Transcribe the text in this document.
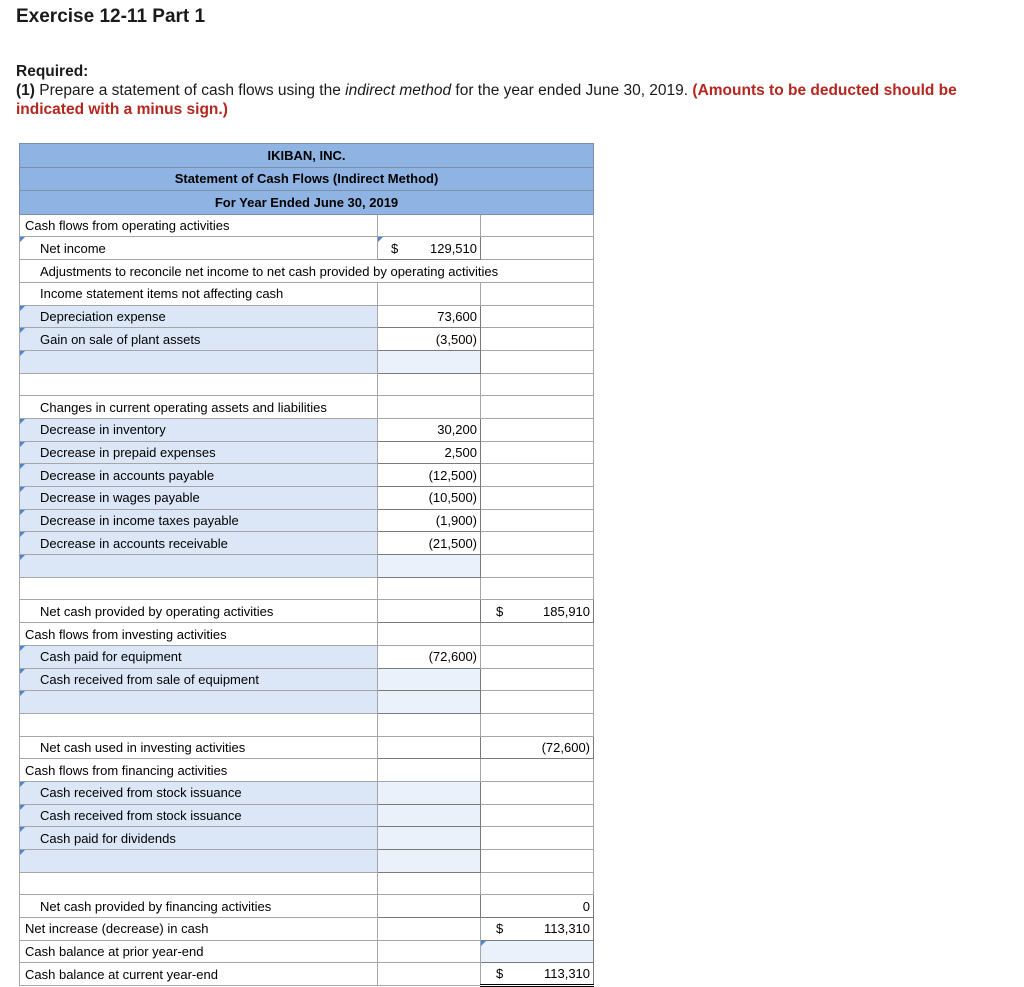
Exercise 12-11 Part 1
Required:
(1) Prepare a statement of cash flows using the indirect method for the year ended June 30, 2019. (Amounts to be deducted should be indicated with a minus sign.)
IKIBAN, INC.		
Statement of Cash Flows (Indirect Method)		
For Year Ended June 30, 2019		
Cash flows from operating activities		

Net income	$ 129,510	

Adjustments to reconcile net income to net cash provided by operating activities		
Income statement items not affecting cash		

Depreciation expense	73,600	

Gain on sale of plant assets	(3,500)	

Changes in current operating assets and liabilities		

Decrease in inventory	30,200	

Decrease in prepaid expenses	2,500	

Decrease in accounts payable	(12,500)	

Decrease in wages payable	(10,500)	

Decrease in income taxes payable	(1,900)	

Decrease in accounts receivable	(21,500)	

Net cash provided by operating activities		$ 185,910

Cash flows from investing activities		

Cash paid for equipment	(72,600)	

Cash received from sale of equipment	

Net cash used in investing activities		(72,600)

Cash flows from financing activities		

Cash received from stock issuance	

Cash received from stock issuance	

Cash paid for dividends	

Net cash provided by financing activities		0

Net increase (decrease) in cash		$ 113,310

Cash balance at prior year-end		

Cash balance at current year-end		$ 113,310
